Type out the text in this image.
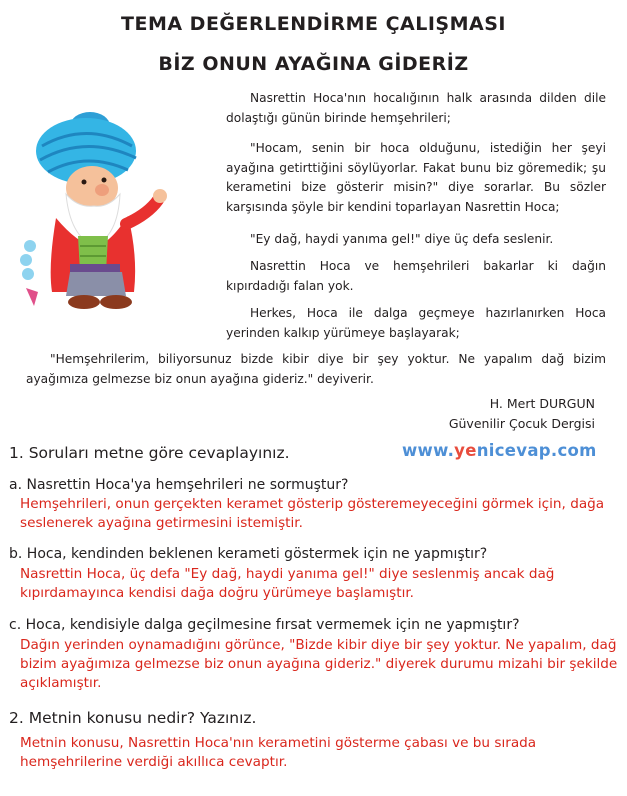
TEMA DEĞERLENDİRME ÇALIŞMASI
BİZ ONUN AYAĞINA GİDERİZ

Nasrettin Hoca'nın hocalığının halk arasında dilden dile dolaştığı günün birinde hemşehrileri;

"Hocam, senin bir hoca olduğunu, istediğin her şeyi ayağına getirttiğini söylüyorlar. Fakat bunu biz göremedik; şu kerametini bize gösterir misin?" diye sorarlar. Bu sözler karşısında şöyle bir kendini toparlayan Nasrettin Hoca;

"Ey dağ, haydi yanıma gel!" diye üç defa seslenir.

Nasrettin Hoca ve hemşehrileri bakarlar ki dağın kıpırdadığı falan yok.

Herkes, Hoca ile dalga geçmeye hazırlanırken Hoca yerinden kalkıp yürümeye başlayarak;

"Hemşehrilerim, biliyorsunuz bizde kibir diye bir şey yoktur. Ne yapalım dağ bizim ayağımıza gelmezse biz onun ayağına gideriz." deyiverir.

H. Mert DURGUN
Güvenilir Çocuk Dergisi
www.yenicevap.com
1. Soruları metne göre cevaplayınız.
a. Nasrettin Hoca'ya hemşehrileri ne sormuştur?

Hemşehrileri, onun gerçekten keramet gösterip gösteremeyeceğini görmek için, dağa seslenerek ayağına getirmesini istemiştir.

b. Hoca, kendinden beklenen kerameti göstermek için ne yapmıştır?

Nasrettin Hoca, üç defa "Ey dağ, haydi yanıma gel!" diye seslenmiş ancak dağ kıpırdamayınca kendisi dağa doğru yürümeye başlamıştır.

c. Hoca, kendisiyle dalga geçilmesine fırsat vermemek için ne yapmıştır?

Dağın yerinden oynamadığını görünce, "Bizde kibir diye bir şey yoktur. Ne yapalım, dağ bizim ayağımıza gelmezse biz onun ayağına gideriz." diyerek durumu mizahi bir şekilde açıklamıştır.

2. Metnin konusu nedir? Yazınız.

Metnin konusu, Nasrettin Hoca'nın kerametini gösterme çabası ve bu sırada hemşehrilerine verdiği akıllıca cevaptır.
